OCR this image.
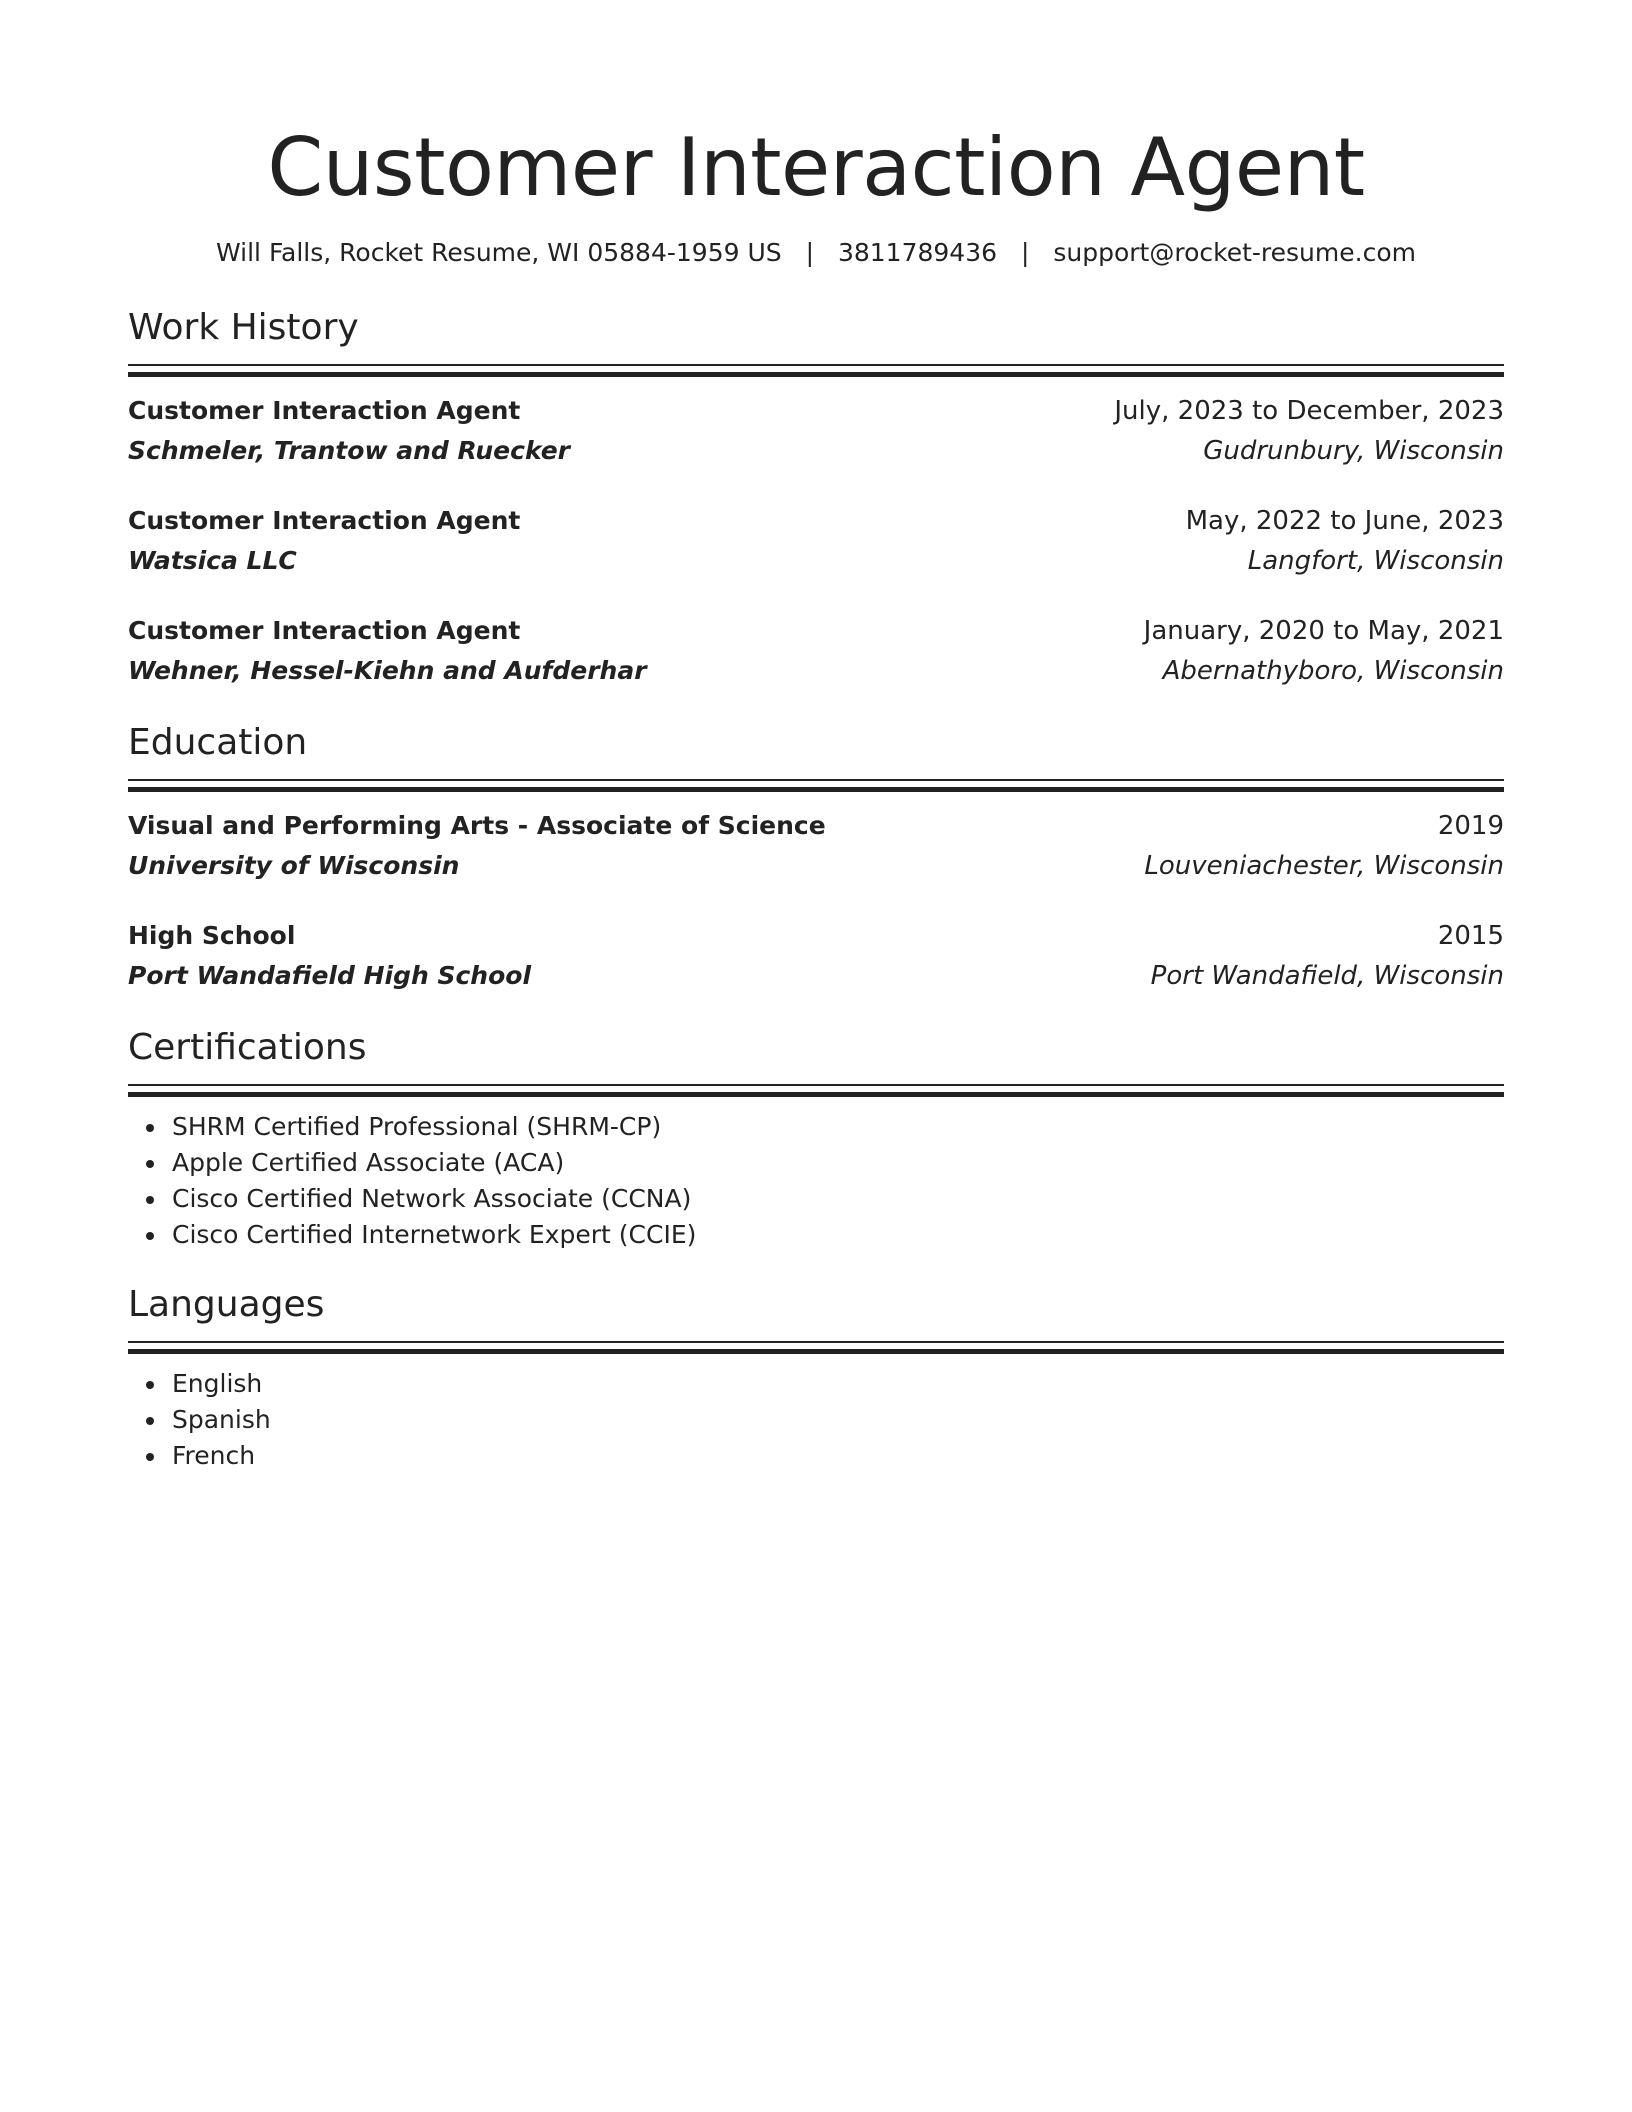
Customer Interaction Agent
Will Falls, Rocket Resume, WI 05884-1959 US | 3811789436 | support@rocket-resume.com
Work History
Customer Interaction Agent	July, 2023 to December, 2023
Schmeler, Trantow and Ruecker	Gudrunbury, Wisconsin
Customer Interaction Agent	May, 2022 to June, 2023
Watsica LLC	Langfort, Wisconsin
Customer Interaction Agent	January, 2020 to May, 2021
Wehner, Hessel-Kiehn and Aufderhar	Abernathyboro, Wisconsin
Education
Visual and Performing Arts - Associate of Science	2019
University of Wisconsin	Louveniachester, Wisconsin
High School	2015
Port Wandafield High School	Port Wandafield, Wisconsin
Certifications
SHRM Certified Professional (SHRM-CP)
Apple Certified Associate (ACA)
Cisco Certified Network Associate (CCNA)
Cisco Certified Internetwork Expert (CCIE)
Languages
English
Spanish
French
